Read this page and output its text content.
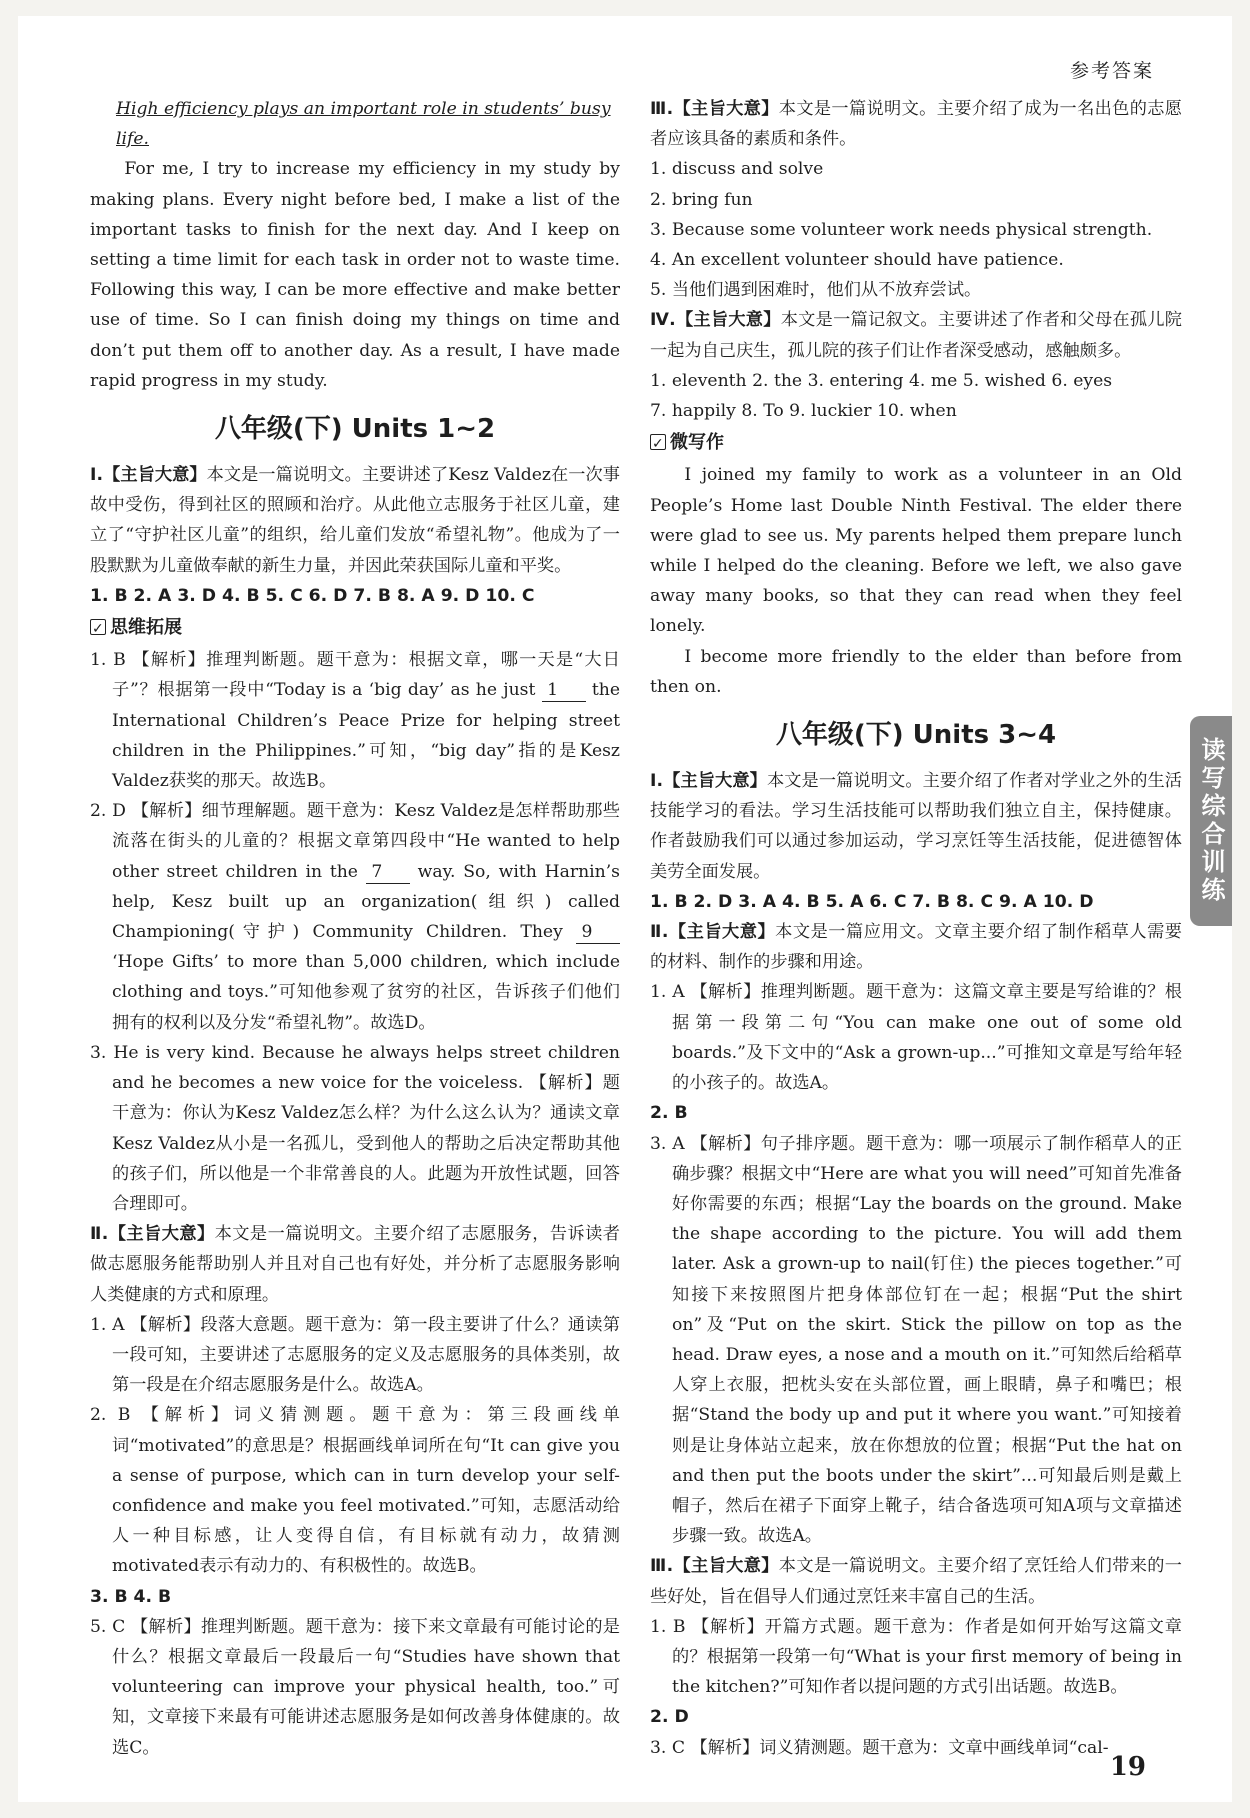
参考答案

High efficiency plays an important role in students’ busy life.

For me, I try to increase my efficiency in my study by making plans. Every night before bed, I make a list of the important tasks to finish for the next day. And I keep on setting a time limit for each task in order not to waste time. Following this way, I can be more effective and make better use of time. So I can finish doing my things on time and don’t put them off to another day. As a result, I have made rapid progress in my study.

八年级(下) Units 1~2

Ⅰ.【主旨大意】本文是一篇说明文。主要讲述了Kesz Valdez在一次事故中受伤，得到社区的照顾和治疗。从此他立志服务于社区儿童，建立了“守护社区儿童”的组织，给儿童们发放“希望礼物”。他成为了一股默默为儿童做奉献的新生力量，并因此荣获国际儿童和平奖。

1. B 2. A 3. D 4. B 5. C 6. D 7. B 8. A 9. D 10. C

✓思维拓展

1. B 【解析】推理判断题。题干意为：根据文章，哪一天是“大日子”？根据第一段中“Today is a ‘big day’ as he just 1 the International Children’s Peace Prize for helping street children in the Philippines.”可知，“big day”指的是Kesz Valdez获奖的那天。故选B。

2. D 【解析】细节理解题。题干意为：Kesz Valdez是怎样帮助那些流落在街头的儿童的？根据文章第四段中“He wanted to help other street children in the 7 way. So, with Harnin’s help, Kesz built up an organization(组织) called Championing(守护) Community Children. They 9 ‘Hope Gifts’ to more than 5,000 children, which include clothing and toys.”可知他参观了贫穷的社区，告诉孩子们他们拥有的权利以及分发“希望礼物”。故选D。

3. He is very kind. Because he always helps street children and he becomes a new voice for the voiceless. 【解析】题干意为：你认为Kesz Valdez怎么样？为什么这么认为？通读文章Kesz Valdez从小是一名孤儿，受到他人的帮助之后决定帮助其他的孩子们，所以他是一个非常善良的人。此题为开放性试题，回答合理即可。

Ⅱ.【主旨大意】本文是一篇说明文。主要介绍了志愿服务，告诉读者做志愿服务能帮助别人并且对自己也有好处，并分析了志愿服务影响人类健康的方式和原理。

1. A 【解析】段落大意题。题干意为：第一段主要讲了什么？通读第一段可知，主要讲述了志愿服务的定义及志愿服务的具体类别，故第一段是在介绍志愿服务是什么。故选A。

2. B 【解析】词义猜测题。题干意为：第三段画线单词“motivated”的意思是？根据画线单词所在句“It can give you a sense of purpose, which can in turn develop your self-confidence and make you feel motivated.”可知，志愿活动给人一种目标感，让人变得自信，有目标就有动力，故猜测motivated表示有动力的、有积极性的。故选B。

3. B 4. B

5. C 【解析】推理判断题。题干意为：接下来文章最有可能讨论的是什么？根据文章最后一段最后一句“Studies have shown that volunteering can improve your physical health, too.”可知，文章接下来最有可能讲述志愿服务是如何改善身体健康的。故选C。

Ⅲ.【主旨大意】本文是一篇说明文。主要介绍了成为一名出色的志愿者应该具备的素质和条件。

1. discuss and solve

2. bring fun

3. Because some volunteer work needs physical strength.

4. An excellent volunteer should have patience.

5. 当他们遇到困难时，他们从不放弃尝试。

Ⅳ.【主旨大意】本文是一篇记叙文。主要讲述了作者和父母在孤儿院一起为自己庆生，孤儿院的孩子们让作者深受感动，感触颇多。

1. eleventh 2. the 3. entering 4. me 5. wished 6. eyes

7. happily 8. To 9. luckier 10. when

✓微写作

I joined my family to work as a volunteer in an Old People’s Home last Double Ninth Festival. The elder there were glad to see us. My parents helped them prepare lunch while I helped do the cleaning. Before we left, we also gave away many books, so that they can read when they feel lonely.

I become more friendly to the elder than before from then on.

八年级(下) Units 3~4

Ⅰ.【主旨大意】本文是一篇说明文。主要介绍了作者对学业之外的生活技能学习的看法。学习生活技能可以帮助我们独立自主，保持健康。作者鼓励我们可以通过参加运动，学习烹饪等生活技能，促进德智体美劳全面发展。

1. B 2. D 3. A 4. B 5. A 6. C 7. B 8. C 9. A 10. D

Ⅱ.【主旨大意】本文是一篇应用文。文章主要介绍了制作稻草人需要的材料、制作的步骤和用途。

1. A 【解析】推理判断题。题干意为：这篇文章主要是写给谁的？根据第一段第二句“You can make one out of some old boards.”及下文中的“Ask a grown-up...”可推知文章是写给年轻的小孩子的。故选A。

2. B

3. A 【解析】句子排序题。题干意为：哪一项展示了制作稻草人的正确步骤？根据文中“Here are what you will need”可知首先准备好你需要的东西；根据“Lay the boards on the ground. Make the shape according to the picture. You will add them later. Ask a grown-up to nail(钉住) the pieces together.”可知接下来按照图片把身体部位钉在一起；根据“Put the shirt on”及“Put on the skirt. Stick the pillow on top as the head. Draw eyes, a nose and a mouth on it.”可知然后给稻草人穿上衣服，把枕头安在头部位置，画上眼睛，鼻子和嘴巴；根据“Stand the body up and put it where you want.”可知接着则是让身体站立起来，放在你想放的位置；根据“Put the hat on and then put the boots under the skirt”...可知最后则是戴上帽子，然后在裙子下面穿上靴子，结合备选项可知A项与文章描述步骤一致。故选A。

Ⅲ.【主旨大意】本文是一篇说明文。主要介绍了烹饪给人们带来的一些好处，旨在倡导人们通过烹饪来丰富自己的生活。

1. B 【解析】开篇方式题。题干意为：作者是如何开始写这篇文章的？根据第一段第一句“What is your first memory of being in the kitchen?”可知作者以提问题的方式引出话题。故选B。

2. D

3. C 【解析】词义猜测题。题干意为：文章中画线单词“cal-

读写综合训练
19
